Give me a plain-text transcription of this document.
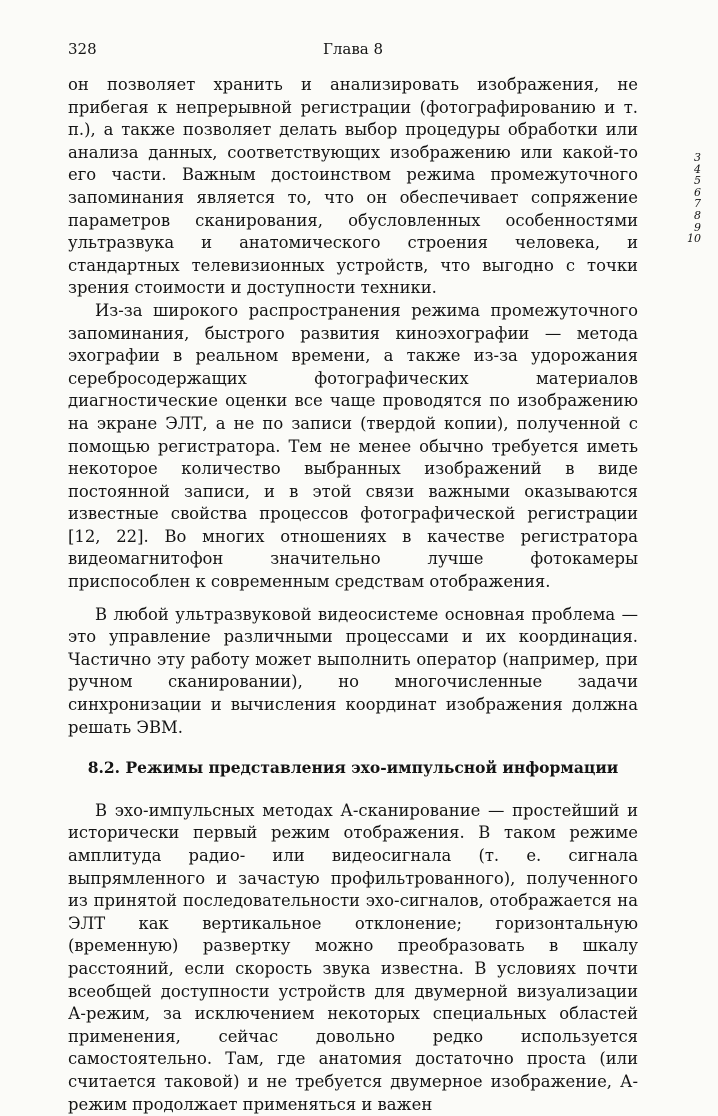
328	Глава 8

он позволяет хранить и анализировать изображения, не прибегая к непрерывной регистрации (фотографированию и т. п.), а также позволяет делать выбор процедуры обработки или анализа данных, соответствующих изображению или какой-то его части. Важным достоинством режима промежуточного запоминания является то, что он обеспечивает сопряжение параметров сканирования, обусловленных особенностями ультразвука и анатомического строения человека, и стандартных телевизионных устройств, что выгодно с точки зрения стоимости и доступности техники.

Из-за широкого распространения режима промежуточного запоминания, быстрого развития киноэхографии — метода эхографии в реальном времени, а также из-за удорожания серебросодержащих фотографических материалов диагностические оценки все чаще проводятся по изображению на экране ЭЛТ, а не по записи (твердой копии), полученной с помощью регистратора. Тем не менее обычно требуется иметь некоторое количество выбранных изображений в виде постоянной записи, и в этой связи важными оказываются известные свойства процессов фотографической регистрации [12, 22]. Во многих отношениях в качестве регистратора видеомагнитофон значительно лучше фотокамеры приспособлен к современным средствам отображения.

В любой ультразвуковой видеосистеме основная проблема — это управление различными процессами и их координация. Частично эту работу может выполнить оператор (например, при ручном сканировании), но многочисленные задачи синхронизации и вычисления координат изображения должна решать ЭВМ.

8.2. Режимы представления эхо-импульсной информации

В эхо-импульсных методах А-сканирование — простейший и исторически первый режим отображения. В таком режиме амплитуда радио- или видеосигнала (т. е. сигнала выпрямленного и зачастую профильтрованного), полученного из принятой последовательности эхо-сигналов, отображается на ЭЛТ как вертикальное отклонение; горизонтальную (временную) развертку можно преобразовать в шкалу расстояний, если скорость звука известна. В условиях почти всеобщей доступности устройств для двумерной визуализации А-режим, за исключением некоторых специальных областей применения, сейчас довольно редко используется самостоятельно. Там, где анатомия достаточно проста (или считается таковой) и не требуется двумерное изображение, А-режим продолжает применяться и важен

3
4
5
6
7
8
9
10
